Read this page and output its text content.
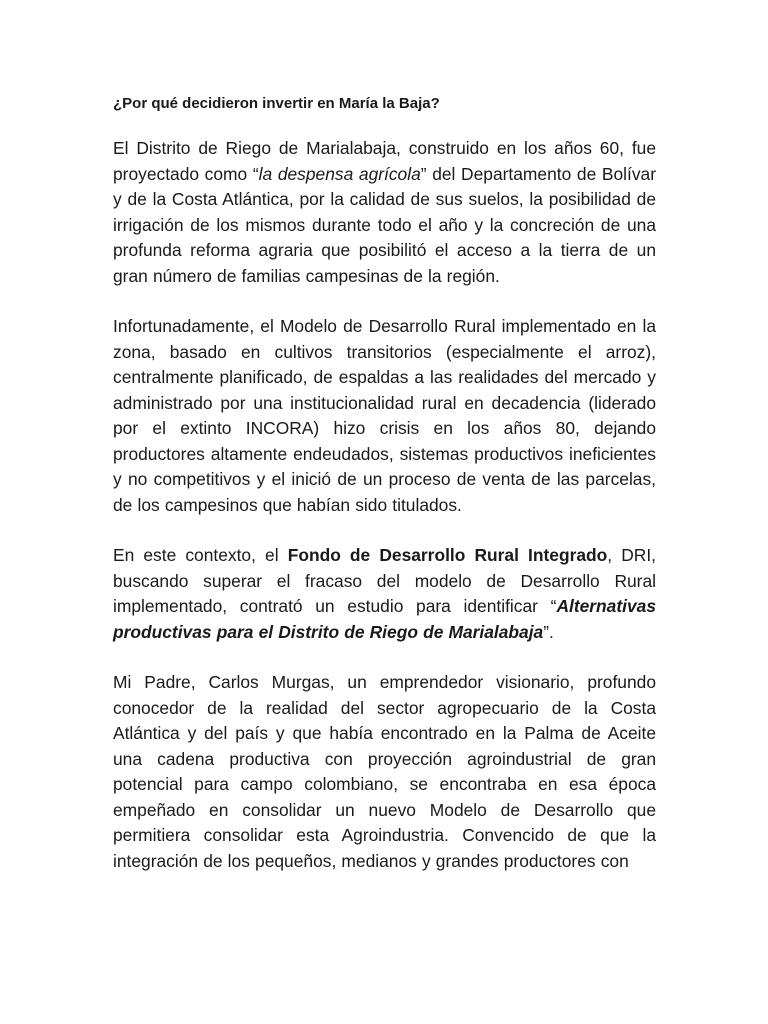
¿Por qué decidieron invertir en María la Baja?

El Distrito de Riego de Marialabaja, construido en los años 60, fue proyectado como “la despensa agrícola” del Departamento de Bolívar y de la Costa Atlántica, por la calidad de sus suelos, la posibilidad de irrigación de los mismos durante todo el año y la concreción de una profunda reforma agraria que posibilitó el acceso a la tierra de un gran número de familias campesinas de la región.

Infortunadamente, el Modelo de Desarrollo Rural implementado en la zona, basado en cultivos transitorios (especialmente el arroz), centralmente planificado, de espaldas a las realidades del mercado y administrado por una institucionalidad rural en decadencia (liderado por el extinto INCORA) hizo crisis en los años 80, dejando productores altamente endeudados, sistemas productivos ineficientes y no competitivos y el inició de un proceso de venta de las parcelas, de los campesinos que habían sido titulados.

En este contexto, el Fondo de Desarrollo Rural Integrado, DRI, buscando superar el fracaso del modelo de Desarrollo Rural implementado, contrató un estudio para identificar “Alternativas productivas para el Distrito de Riego de Marialabaja”.

Mi Padre, Carlos Murgas, un emprendedor visionario, profundo conocedor de la realidad del sector agropecuario de la Costa Atlántica y del país y que había encontrado en la Palma de Aceite una cadena productiva con proyección agroindustrial de gran potencial para campo colombiano, se encontraba en esa época empeñado en consolidar un nuevo Modelo de Desarrollo que permitiera consolidar esta Agroindustria. Convencido de que la integración de los pequeños, medianos y grandes productores con
